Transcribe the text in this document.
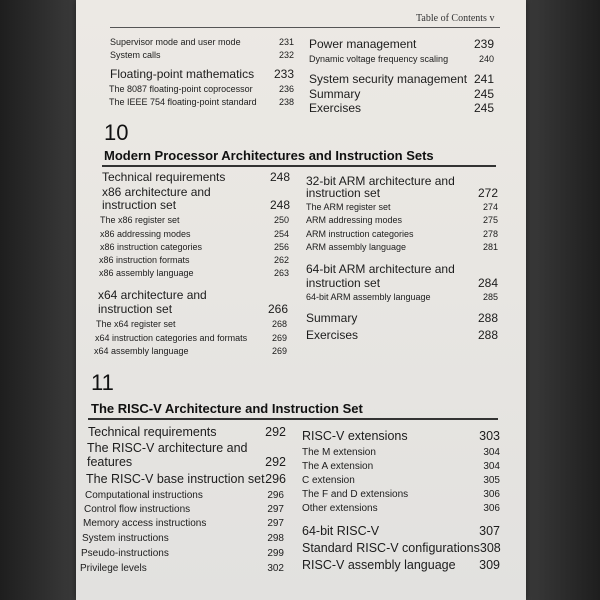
Table of Contents v
Supervisor mode and user mode	231
System calls	232
Floating-point mathematics 233
The 8087 floating-point coprocessor	236
The IEEE 754 floating-point standard 238
Power management	239
Dynamic voltage frequency scaling	240
System security management 241
Summary	245
Exercises	245
10
Modern Processor Architectures and Instruction Sets
Technical requirements	248
x86 architecture and
instruction set	248
The x86 register set	250
x86 addressing modes	254
x86 instruction categories	256
x86 instruction formats	262
x86 assembly language	263
x64 architecture and
instruction set	266
The x64 register set	268
x64 instruction categories and formats	269
x64 assembly language	269
32-bit ARM architecture and
instruction set	272
The ARM register set	274
ARM addressing modes	275
ARM instruction categories	278
ARM assembly language	281
64-bit ARM architecture and
instruction set	284
64-bit ARM assembly language	285
Summary	288
Exercises	288
11
The RISC-V Architecture and Instruction Set
Technical requirements	292
The RISC-V architecture and
features	292
The RISC-V base instruction set 296
Computational instructions	296
Control flow instructions	297
Memory access instructions	297
System instructions	298
Pseudo-instructions	299
Privilege levels	302
RISC-V extensions	303
The M extension	304
The A extension	304
C extension	305
The F and D extensions	306
Other extensions	306
64-bit RISC-V	307
Standard RISC-V configurations 308
RISC-V assembly language 309
